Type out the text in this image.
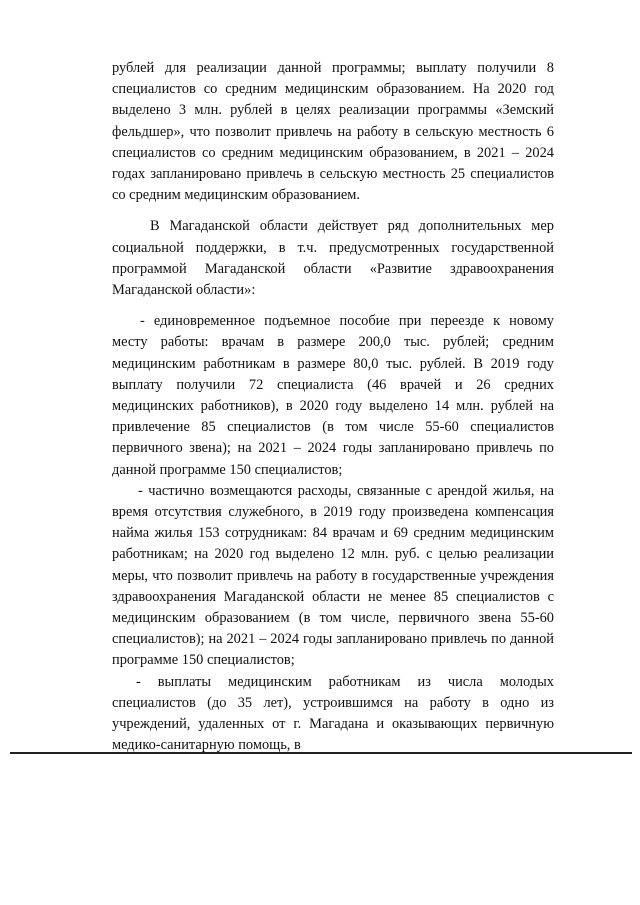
рублей для реализации данной программы; выплату получили 8 специалистов со средним медицинским образованием. На 2020 год выделено 3 млн. рублей в целях реализации программы «Земский фельдшер», что позволит привлечь на работу в сельскую местность 6 специалистов со средним медицинским образованием, в 2021 – 2024 годах запланировано привлечь в сельскую местность 25 специалистов со средним медицинским образованием.

В Магаданской области действует ряд дополнительных мер социальной поддержки, в т.ч. предусмотренных государственной программой Магаданской области «Развитие здравоохранения Магаданской области»:

- единовременное подъемное пособие при переезде к новому месту работы: врачам в размере 200,0 тыс. рублей; средним медицинским работникам в размере 80,0 тыс. рублей. В 2019 году выплату получили 72 специалиста (46 врачей и 26 средних медицинских работников), в 2020 году выделено 14 млн. рублей на привлечение 85 специалистов (в том числе 55-60 специалистов первичного звена); на 2021 – 2024 годы запланировано привлечь по данной программе 150 специалистов;

- частично возмещаются расходы, связанные с арендой жилья, на время отсутствия служебного, в 2019 году произведена компенсация найма жилья 153 сотрудникам: 84 врачам и 69 средним медицинским работникам; на 2020 год выделено 12 млн. руб. с целью реализации меры, что позволит привлечь на работу в государственные учреждения здравоохранения Магаданской области не менее 85 специалистов с медицинским образованием (в том числе, первичного звена 55-60 специалистов); на 2021 – 2024 годы запланировано привлечь по данной программе 150 специалистов;

- выплаты медицинским работникам из числа молодых специалистов (до 35 лет), устроившимся на работу в одно из учреждений, удаленных от г. Магадана и оказывающих первичную медико-санитарную помощь, в
